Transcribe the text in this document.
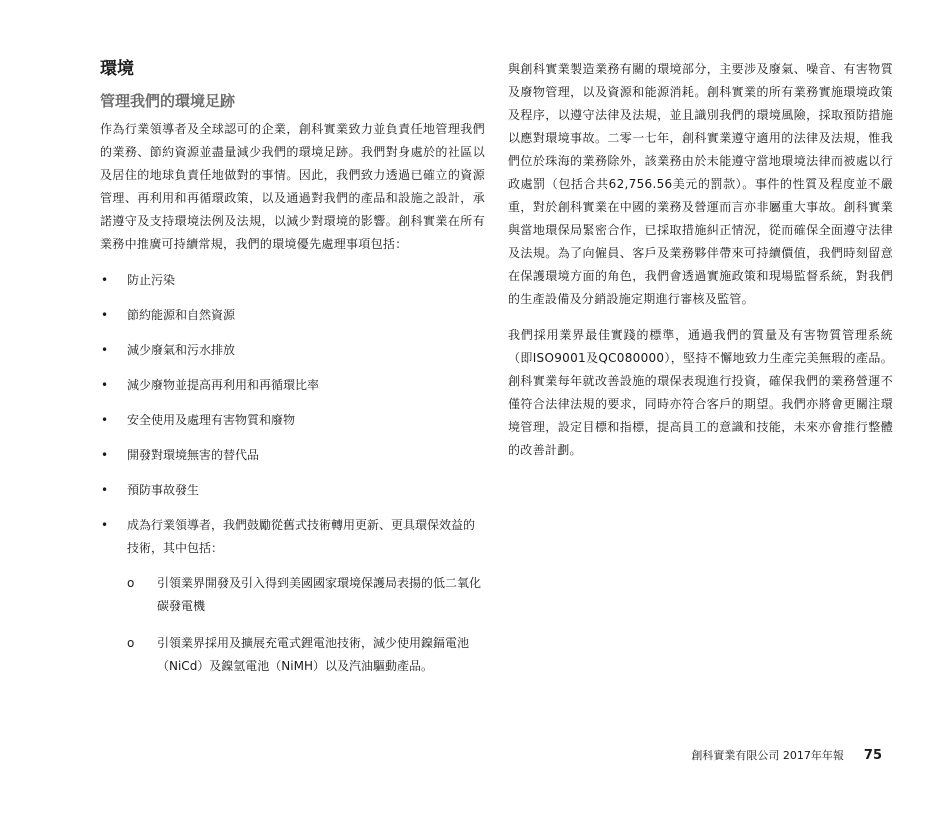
環境
管理我們的環境足跡

作為行業領導者及全球認可的企業，創科實業致力並負責任地管理我們的業務、節約資源並盡量減少我們的環境足跡。我們對身處於的社區以及居住的地球負責任地做對的事情。因此，我們致力透過已確立的資源管理、再利用和再循環政策，以及通過對我們的產品和設施之設計，承諾遵守及支持環境法例及法規，以減少對環境的影響。創科實業在所有業務中推廣可持續常規，我們的環境優先處理事項包括：

• 防止污染
• 節約能源和自然資源
• 減少廢氣和污水排放
• 減少廢物並提高再利用和再循環比率
• 安全使用及處理有害物質和廢物
• 開發對環境無害的替代品
• 預防事故發生
• 成為行業領導者，我們鼓勵從舊式技術轉用更新、更具環保效益的技術，其中包括：
o 引領業界開發及引入得到美國國家環境保護局表揚的低二氧化碳發電機
o 引領業界採用及擴展充電式鋰電池技術，減少使用鎳鎘電池（NiCd）及鎳氫電池（NiMH）以及汽油驅動產品。

與創科實業製造業務有關的環境部分，主要涉及廢氣、噪音、有害物質及廢物管理，以及資源和能源消耗。創科實業的所有業務實施環境政策及程序，以遵守法律及法規，並且識別我們的環境風險，採取預防措施以應對環境事故。二零一七年，創科實業遵守適用的法律及法規，惟我們位於珠海的業務除外，該業務由於未能遵守當地環境法律而被處以行政處罰（包括合共62,756.56美元的罰款）。事件的性質及程度並不嚴重，對於創科實業在中國的業務及營運而言亦非屬重大事故。創科實業與當地環保局緊密合作，已採取措施糾正情況，從而確保全面遵守法律及法規。為了向僱員、客戶及業務夥伴帶來可持續價值，我們時刻留意在保護環境方面的角色，我們會透過實施政策和現場監督系統，對我們的生產設備及分銷設施定期進行審核及監管。

我們採用業界最佳實踐的標準，通過我們的質量及有害物質管理系統（即ISO9001及QC080000），堅持不懈地致力生產完美無瑕的產品。創科實業每年就改善設施的環保表現進行投資，確保我們的業務營運不僅符合法律法規的要求，同時亦符合客戶的期望。我們亦將會更關注環境管理，設定目標和指標，提高員工的意識和技能，未來亦會推行整體的改善計劃。

創科實業有限公司 2017年年報 75
